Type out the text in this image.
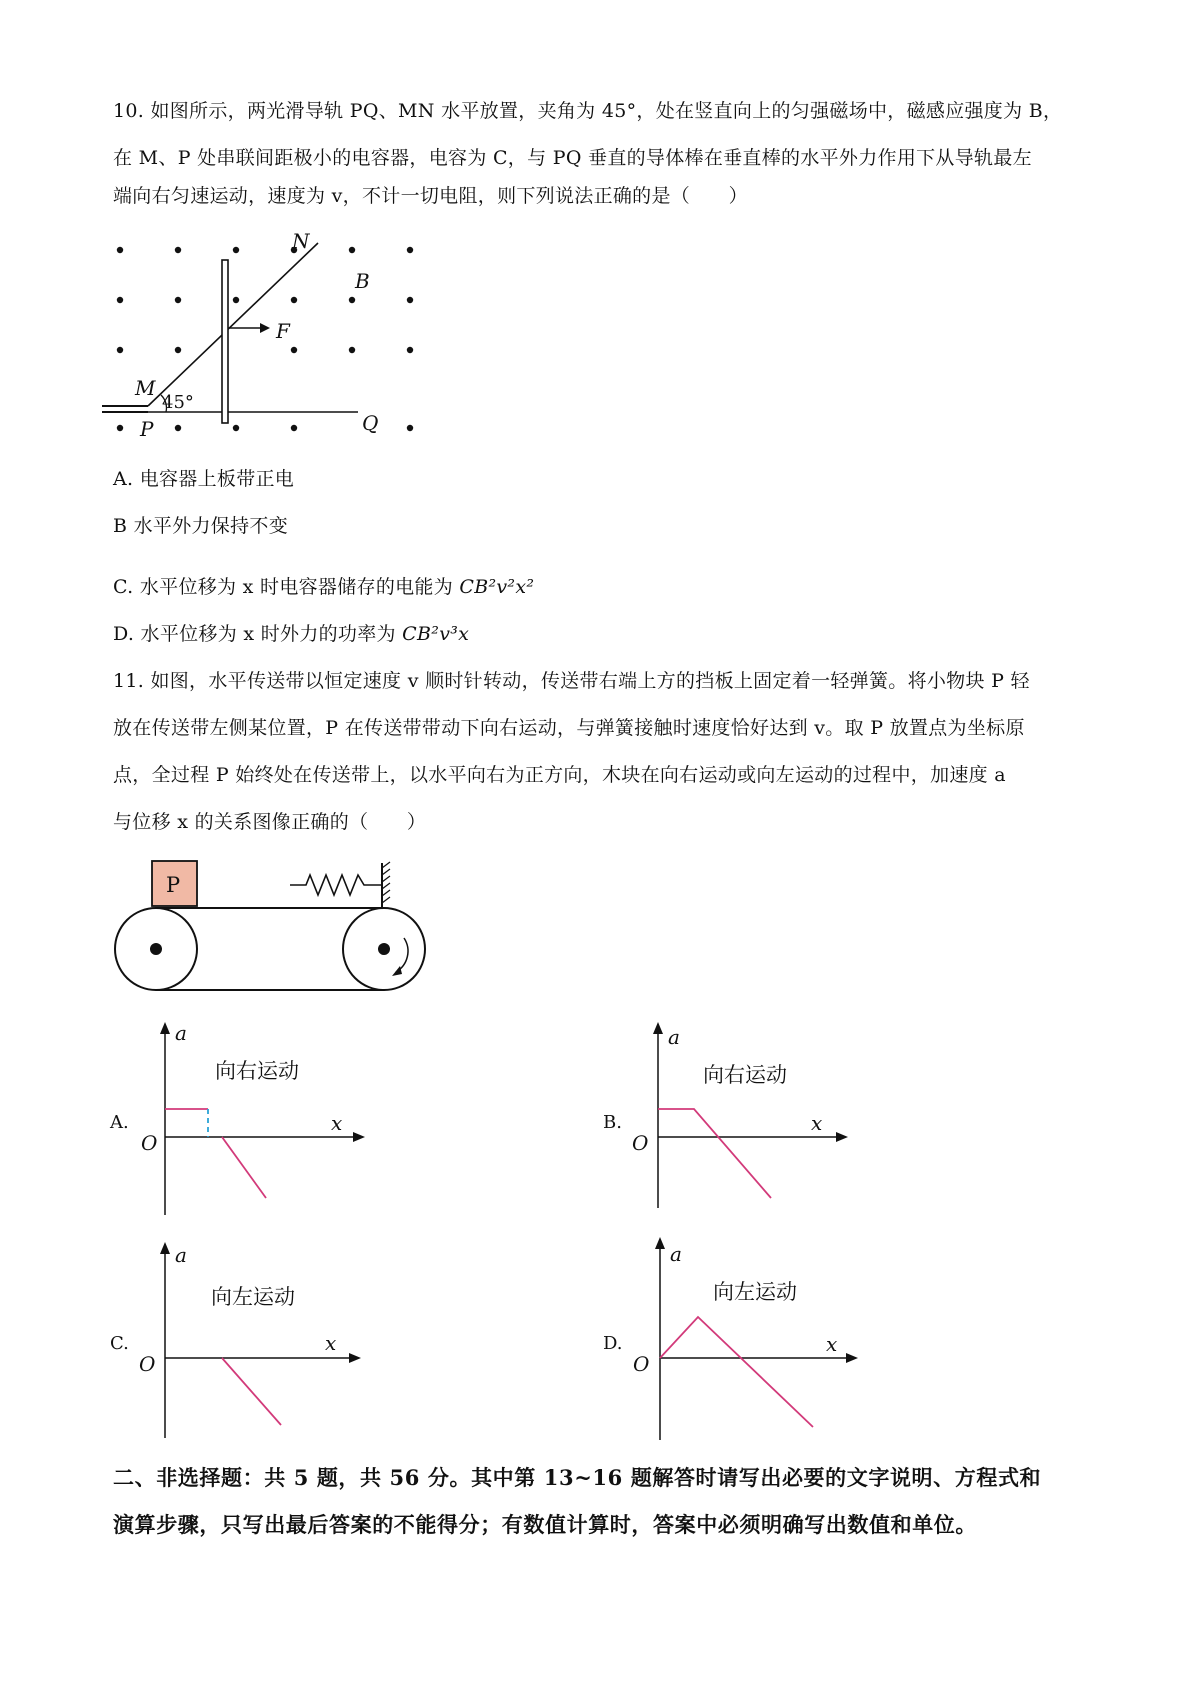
10. 如图所示，两光滑导轨 PQ、MN 水平放置，夹角为 45°，处在竖直向上的匀强磁场中，磁感应强度为 B，
在 M、P 处串联间距极小的电容器，电容为 C，与 PQ 垂直的导体棒在垂直棒的水平外力作用下从导轨最左
端向右匀速运动，速度为 v，不计一切电阻，则下列说法正确的是（　　）
N
B
F
M
45°
P	Q
A. 电容器上板带正电
B 水平外力保持不变
C. 水平位移为 x 时电容器储存的电能为 CB²v²x²
D. 水平位移为 x 时外力的功率为 CB²v³x
11. 如图，水平传送带以恒定速度 v 顺时针转动，传送带右端上方的挡板上固定着一轻弹簧。将小物块 P 轻
放在传送带左侧某位置，P 在传送带带动下向右运动，与弹簧接触时速度恰好达到 v。取 P 放置点为坐标原
点，全过程 P 始终处在传送带上，以水平向右为正方向，木块在向右运动或向左运动的过程中，加速度 a
与位移 x 的关系图像正确的（　　）
P
A.
a
x
O
向右运动
B.
a
x
O
向右运动
C.
a
x
O
向左运动
D.
a
x
O
向左运动
二、非选择题：共 5 题，共 56 分。其中第 13~16 题解答时请写出必要的文字说明、方程式和
演算步骤，只写出最后答案的不能得分；有数值计算时，答案中必须明确写出数值和单位。
